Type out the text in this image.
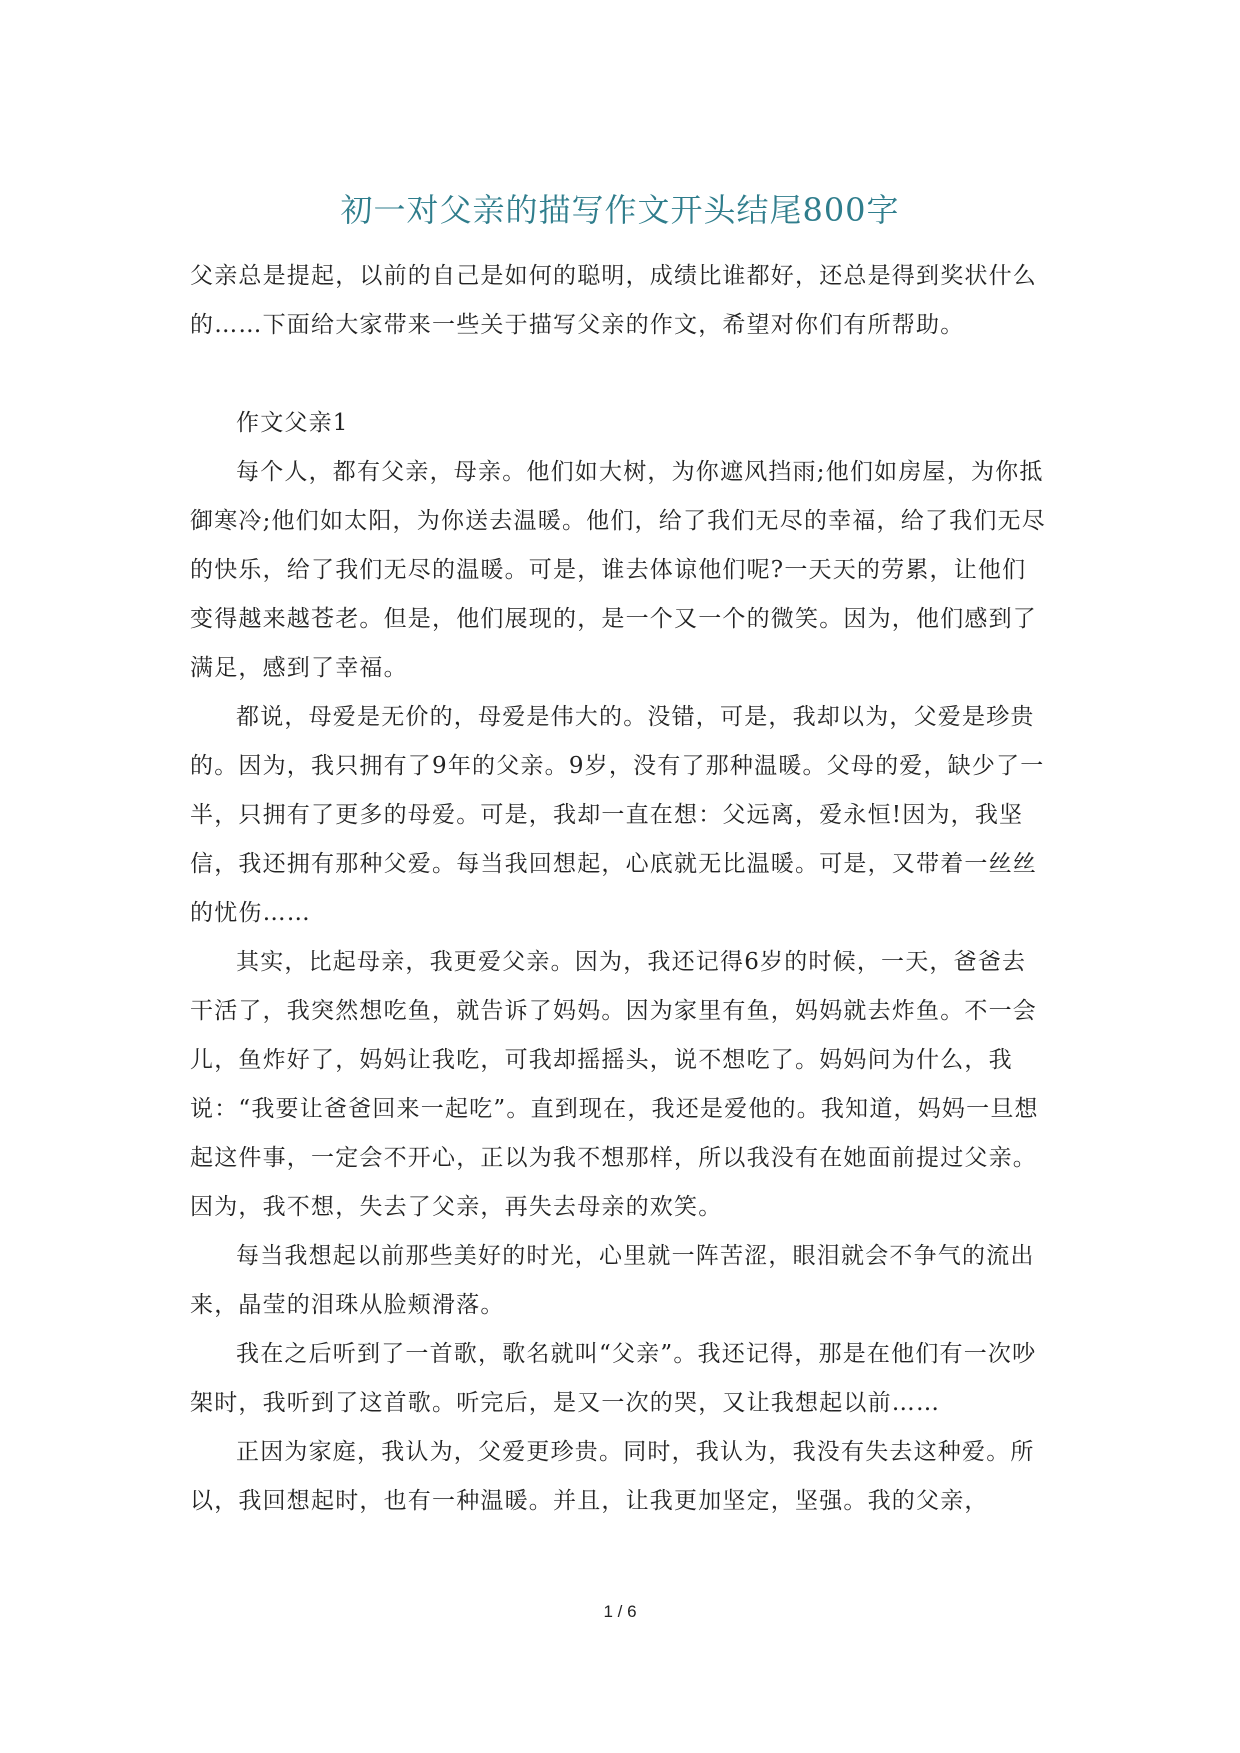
初一对父亲的描写作文开头结尾800字

父亲总是提起，以前的自己是如何的聪明，成绩比谁都好，还总是得到奖状什么的……下面给大家带来一些关于描写父亲的作文，希望对你们有所帮助。

作文父亲1

每个人，都有父亲，母亲。他们如大树，为你遮风挡雨;他们如房屋，为你抵御寒冷;他们如太阳，为你送去温暖。他们，给了我们无尽的幸福，给了我们无尽的快乐，给了我们无尽的温暖。可是，谁去体谅他们呢?一天天的劳累，让他们变得越来越苍老。但是，他们展现的，是一个又一个的微笑。因为，他们感到了满足，感到了幸福。

都说，母爱是无价的，母爱是伟大的。没错，可是，我却以为，父爱是珍贵的。因为，我只拥有了9年的父亲。9岁，没有了那种温暖。父母的爱，缺少了一半，只拥有了更多的母爱。可是，我却一直在想：父远离，爱永恒!因为，我坚信，我还拥有那种父爱。每当我回想起，心底就无比温暖。可是，又带着一丝丝的忧伤……

其实，比起母亲，我更爱父亲。因为，我还记得6岁的时候，一天，爸爸去干活了，我突然想吃鱼，就告诉了妈妈。因为家里有鱼，妈妈就去炸鱼。不一会儿，鱼炸好了，妈妈让我吃，可我却摇摇头，说不想吃了。妈妈问为什么，我说：“我要让爸爸回来一起吃”。直到现在，我还是爱他的。我知道，妈妈一旦想起这件事，一定会不开心，正以为我不想那样，所以我没有在她面前提过父亲。因为，我不想，失去了父亲，再失去母亲的欢笑。

每当我想起以前那些美好的时光，心里就一阵苦涩，眼泪就会不争气的流出来，晶莹的泪珠从脸颊滑落。

我在之后听到了一首歌，歌名就叫“父亲”。我还记得，那是在他们有一次吵架时，我听到了这首歌。听完后，是又一次的哭，又让我想起以前……

正因为家庭，我认为，父爱更珍贵。同时，我认为，我没有失去这种爱。所以，我回想起时，也有一种温暖。并且，让我更加坚定，坚强。我的父亲，

1 / 6
